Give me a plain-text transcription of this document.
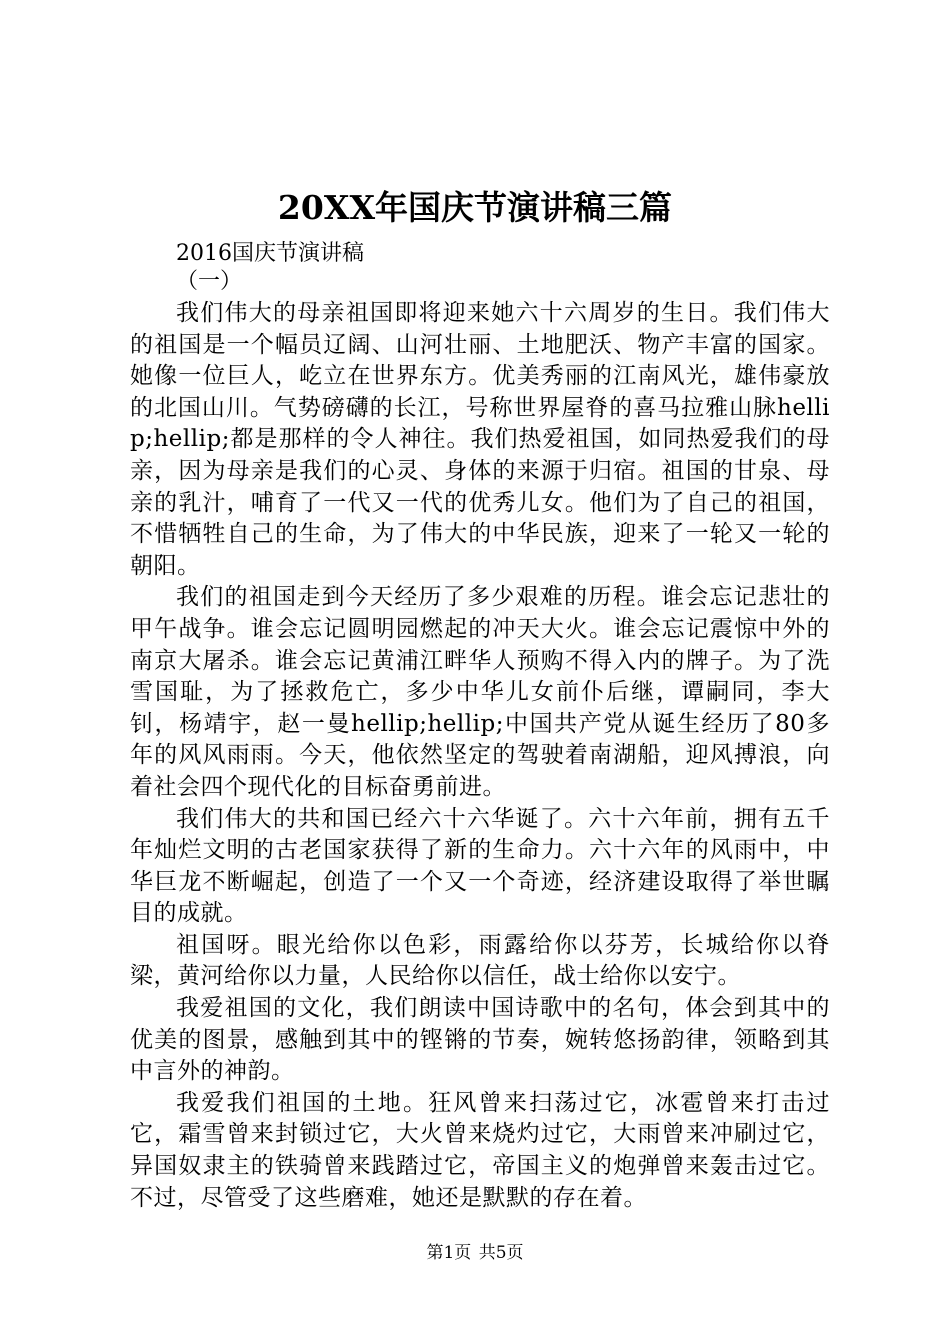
20XX年国庆节演讲稿三篇

2016国庆节演讲稿

（一）

我们伟大的母亲祖国即将迎来她六十六周岁的生日。我们伟大的祖国是一个幅员辽阔、山河壮丽、土地肥沃、物产丰富的国家。她像一位巨人，屹立在世界东方。优美秀丽的江南风光，雄伟豪放的北国山川。气势磅礴的长江，号称世界屋脊的喜马拉雅山脉hellip;hellip;都是那样的令人神往。我们热爱祖国，如同热爱我们的母亲，因为母亲是我们的心灵、身体的来源于归宿。祖国的甘泉、母亲的乳汁，哺育了一代又一代的优秀儿女。他们为了自己的祖国，不惜牺牲自己的生命，为了伟大的中华民族，迎来了一轮又一轮的朝阳。

我们的祖国走到今天经历了多少艰难的历程。谁会忘记悲壮的甲午战争。谁会忘记圆明园燃起的冲天大火。谁会忘记震惊中外的南京大屠杀。谁会忘记黄浦江畔华人预购不得入内的牌子。为了洗雪国耻，为了拯救危亡，多少中华儿女前仆后继，谭嗣同，李大钊，杨靖宇，赵一曼hellip;hellip;中国共产党从诞生经历了80多年的风风雨雨。今天，他依然坚定的驾驶着南湖船，迎风搏浪，向着社会四个现代化的目标奋勇前进。

我们伟大的共和国已经六十六华诞了。六十六年前，拥有五千年灿烂文明的古老国家获得了新的生命力。六十六年的风雨中，中华巨龙不断崛起，创造了一个又一个奇迹，经济建设取得了举世瞩目的成就。

祖国呀。眼光给你以色彩，雨露给你以芬芳，长城给你以脊梁，黄河给你以力量，人民给你以信任，战士给你以安宁。

我爱祖国的文化，我们朗读中国诗歌中的名句，体会到其中的优美的图景，感触到其中的铿锵的节奏，婉转悠扬韵律，领略到其中言外的神韵。

我爱我们祖国的土地。狂风曾来扫荡过它，冰雹曾来打击过它，霜雪曾来封锁过它，大火曾来烧灼过它，大雨曾来冲刷过它，异国奴隶主的铁骑曾来践踏过它，帝国主义的炮弹曾来轰击过它。不过，尽管受了这些磨难，她还是默默的存在着。

第1页 共5页
